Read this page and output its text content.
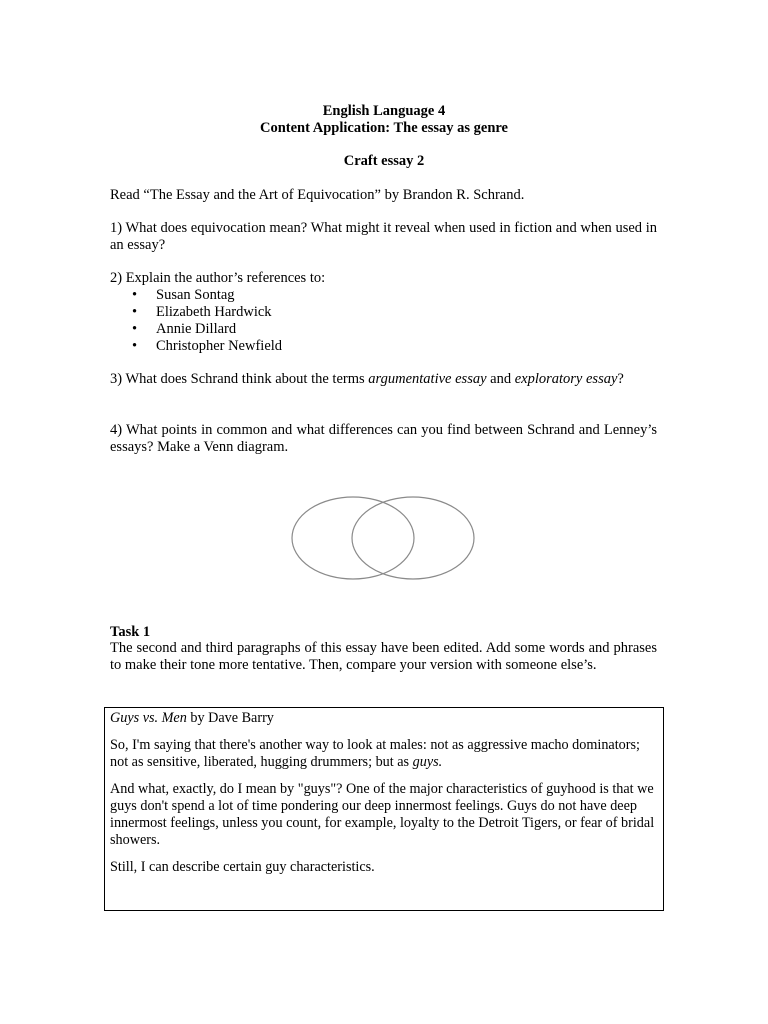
English Language 4
Content Application: The essay as genre
Craft essay 2
Read “The Essay and the Art of Equivocation” by Brandon R. Schrand.
1) What does equivocation mean? What might it reveal when used in fiction and when used in an essay?
2) Explain the author’s references to:
• Susan Sontag
• Elizabeth Hardwick
• Annie Dillard
• Christopher Newfield
3) What does Schrand think about the terms argumentative essay and exploratory essay?
4) What points in common and what differences can you find between Schrand and Lenney’s essays? Make a Venn diagram.
Task 1
The second and third paragraphs of this essay have been edited. Add some words and phrases to make their tone more tentative. Then, compare your version with someone else’s.

Guys vs. Men by Dave Barry

So, I'm saying that there's another way to look at males: not as aggressive macho dominators; not as sensitive, liberated, hugging drummers; but as guys.

And what, exactly, do I mean by "guys"? One of the major characteristics of guyhood is that we guys don't spend a lot of time pondering our deep innermost feelings. Guys do not have deep innermost feelings, unless you count, for example, loyalty to the Detroit Tigers, or fear of bridal showers.

Still, I can describe certain guy characteristics.
